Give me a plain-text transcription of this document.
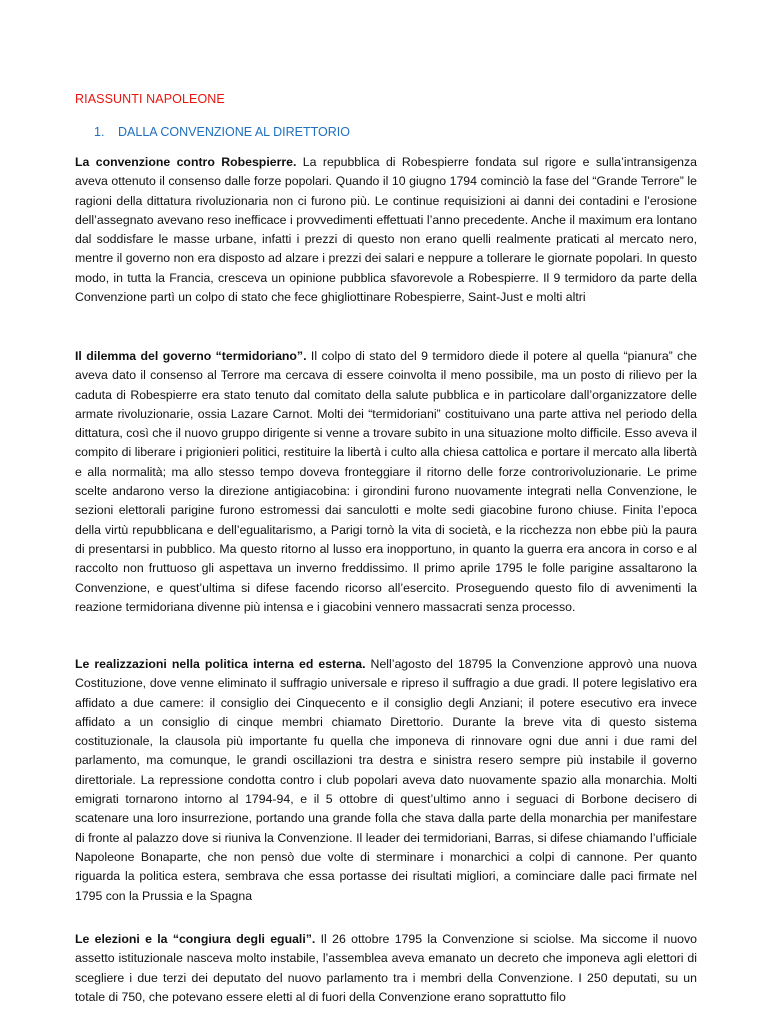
RIASSUNTI NAPOLEONE
1. DALLA CONVENZIONE AL DIRETTORIO

La convenzione contro Robespierre. La repubblica di Robespierre fondata sul rigore e sulla’intransigenza aveva ottenuto il consenso dalle forze popolari. Quando il 10 giugno 1794 cominciò la fase del “Grande Terrore” le ragioni della dittatura rivoluzionaria non ci furono più. Le continue requisizioni ai danni dei contadini e l’erosione dell’assegnato avevano reso inefficace i provvedimenti effettuati l’anno precedente. Anche il maximum era lontano dal soddisfare le masse urbane, infatti i prezzi di questo non erano quelli realmente praticati al mercato nero, mentre il governo non era disposto ad alzare i prezzi dei salari e neppure a tollerare le giornate popolari. In questo modo, in tutta la Francia, cresceva un opinione pubblica sfavorevole a Robespierre. Il 9 termidoro da parte della Convenzione partì un colpo di stato che fece ghigliottinare Robespierre, Saint-Just e molti altri

Il dilemma del governo “termidoriano”. Il colpo di stato del 9 termidoro diede il potere al quella “pianura” che aveva dato il consenso al Terrore ma cercava di essere coinvolta il meno possibile, ma un posto di rilievo per la caduta di Robespierre era stato tenuto dal comitato della salute pubblica e in particolare dall’organizzatore delle armate rivoluzionarie, ossia Lazare Carnot. Molti dei “termidoriani” costituivano una parte attiva nel periodo della dittatura, così che il nuovo gruppo dirigente si venne a trovare subito in una situazione molto difficile. Esso aveva il compito di liberare i prigionieri politici, restituire la libertà i culto alla chiesa cattolica e portare il mercato alla libertà e alla normalità; ma allo stesso tempo doveva fronteggiare il ritorno delle forze controrivoluzionarie. Le prime scelte andarono verso la direzione antigiacobina: i girondini furono nuovamente integrati nella Convenzione, le sezioni elettorali parigine furono estromessi dai sanculotti e molte sedi giacobine furono chiuse. Finita l’epoca della virtù repubblicana e dell’egualitarismo, a Parigi tornò la vita di società, e la ricchezza non ebbe più la paura di presentarsi in pubblico. Ma questo ritorno al lusso era inopportuno, in quanto la guerra era ancora in corso e al raccolto non fruttuoso gli aspettava un inverno freddissimo. Il primo aprile 1795 le folle parigine assaltarono la Convenzione, e quest’ultima si difese facendo ricorso all’esercito. Proseguendo questo filo di avvenimenti la reazione termidoriana divenne più intensa e i giacobini vennero massacrati senza processo.

Le realizzazioni nella politica interna ed esterna. Nell’agosto del 18795 la Convenzione approvò una nuova Costituzione, dove venne eliminato il suffragio universale e ripreso il suffragio a due gradi. Il potere legislativo era affidato a due camere: il consiglio dei Cinquecento e il consiglio degli Anziani; il potere esecutivo era invece affidato a un consiglio di cinque membri chiamato Direttorio. Durante la breve vita di questo sistema costituzionale, la clausola più importante fu quella che imponeva di rinnovare ogni due anni i due rami del parlamento, ma comunque, le grandi oscillazioni tra destra e sinistra resero sempre più instabile il governo direttoriale. La repressione condotta contro i club popolari aveva dato nuovamente spazio alla monarchia. Molti emigrati tornarono intorno al 1794-94, e il 5 ottobre di quest’ultimo anno i seguaci di Borbone decisero di scatenare una loro insurrezione, portando una grande folla che stava dalla parte della monarchia per manifestare di fronte al palazzo dove si riuniva la Convenzione. Il leader dei termidoriani, Barras, si difese chiamando l’ufficiale Napoleone Bonaparte, che non pensò due volte di sterminare i monarchici a colpi di cannone. Per quanto riguarda la politica estera, sembrava che essa portasse dei risultati migliori, a cominciare dalle paci firmate nel 1795 con la Prussia e la Spagna

Le elezioni e la “congiura degli eguali”. Il 26 ottobre 1795 la Convenzione si sciolse. Ma siccome il nuovo assetto istituzionale nasceva molto instabile, l’assemblea aveva emanato un decreto che imponeva agli elettori di scegliere i due terzi dei deputato del nuovo parlamento tra i membri della Convenzione. I 250 deputati, su un totale di 750, che potevano essere eletti al di fuori della Convenzione erano soprattutto filo
